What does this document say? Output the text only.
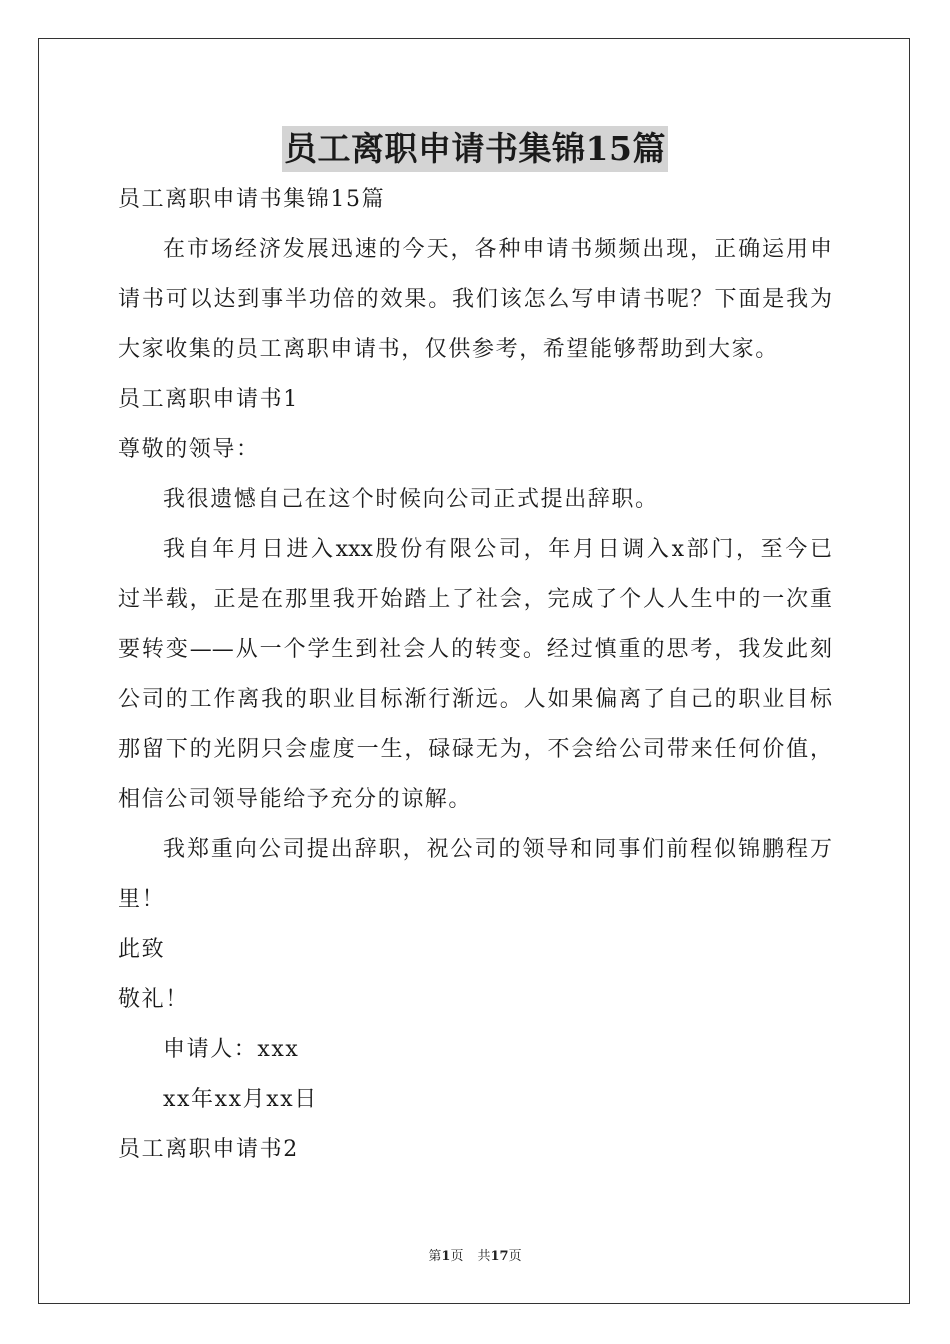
员工离职申请书集锦15篇
员工离职申请书集锦15篇
在市场经济发展迅速的今天，各种申请书频频出现，正确运用申
请书可以达到事半功倍的效果。我们该怎么写申请书呢？下面是我为
大家收集的员工离职申请书，仅供参考，希望能够帮助到大家。
员工离职申请书1
尊敬的领导：
我很遗憾自己在这个时候向公司正式提出辞职。
我自年月日进入xxx股份有限公司，年月日调入x部门，至今已
过半载，正是在那里我开始踏上了社会，完成了个人人生中的一次重
要转变——从一个学生到社会人的转变。经过慎重的思考，我发此刻
公司的工作离我的职业目标渐行渐远。人如果偏离了自己的职业目标
那留下的光阴只会虚度一生，碌碌无为，不会给公司带来任何价值，
相信公司领导能给予充分的谅解。
我郑重向公司提出辞职，祝公司的领导和同事们前程似锦鹏程万
里！
此致
敬礼！
申请人：xxx
xx年xx月xx日
员工离职申请书2
第1页 共17页
